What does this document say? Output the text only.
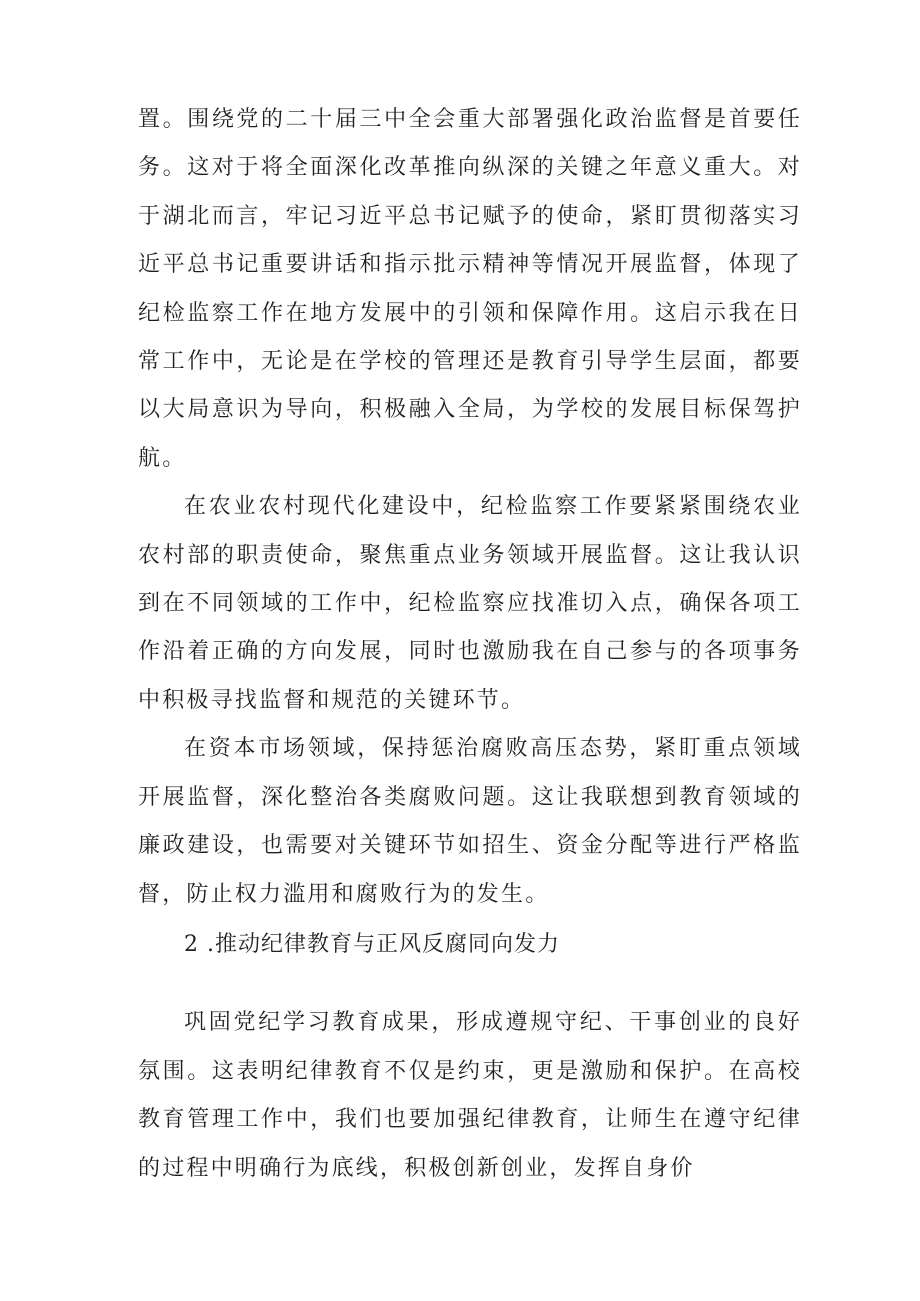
置。围绕党的二十届三中全会重大部署强化政治监督是首要任务。这对于将全面深化改革推向纵深的关键之年意义重大。对于湖北而言，牢记习近平总书记赋予的使命，紧盯贯彻落实习近平总书记重要讲话和指示批示精神等情况开展监督，体现了纪检监察工作在地方发展中的引领和保障作用。这启示我在日常工作中，无论是在学校的管理还是教育引导学生层面，都要以大局意识为导向，积极融入全局，为学校的发展目标保驾护航。

在农业农村现代化建设中，纪检监察工作要紧紧围绕农业农村部的职责使命，聚焦重点业务领域开展监督。这让我认识到在不同领域的工作中，纪检监察应找准切入点，确保各项工作沿着正确的方向发展，同时也激励我在自己参与的各项事务中积极寻找监督和规范的关键环节。

在资本市场领域，保持惩治腐败高压态势，紧盯重点领域开展监督，深化整治各类腐败问题。这让我联想到教育领域的廉政建设，也需要对关键环节如招生、资金分配等进行严格监督，防止权力滥用和腐败行为的发生。

2 .推动纪律教育与正风反腐同向发力

巩固党纪学习教育成果，形成遵规守纪、干事创业的良好氛围。这表明纪律教育不仅是约束，更是激励和保护。在高校教育管理工作中，我们也要加强纪律教育，让师生在遵守纪律的过程中明确行为底线，积极创新创业，发挥自身价
